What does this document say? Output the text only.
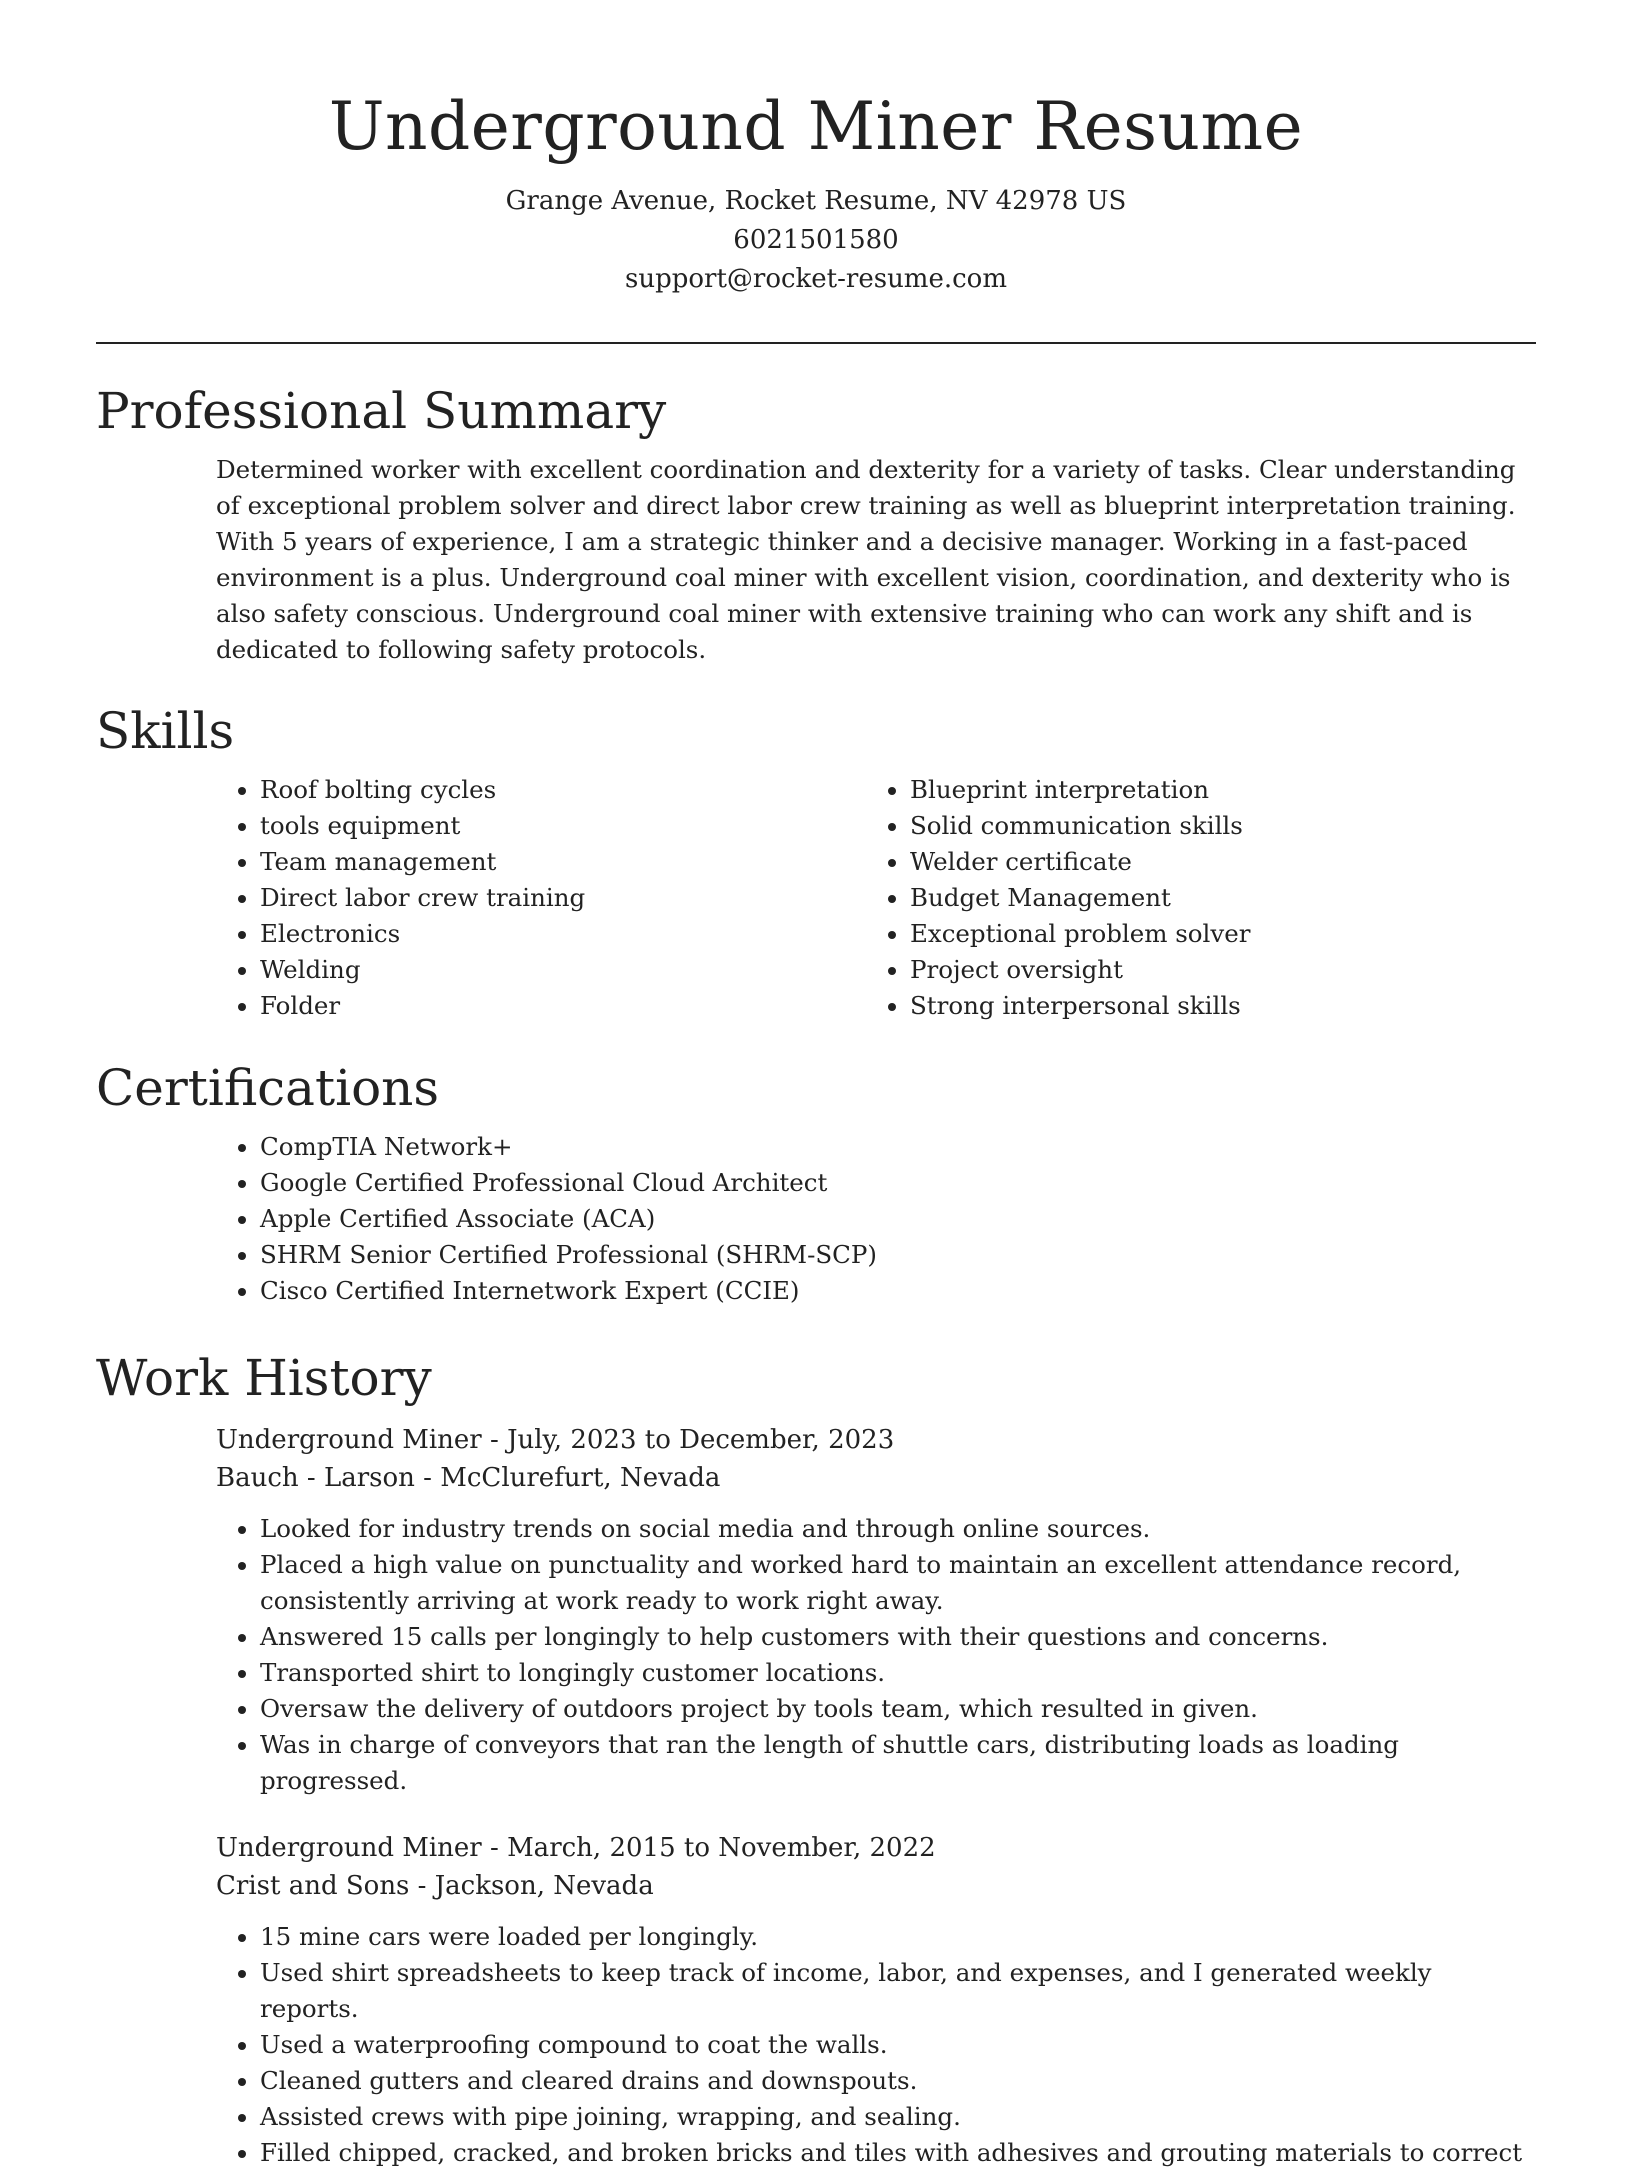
Underground Miner Resume
Grange Avenue, Rocket Resume, NV 42978 US
6021501580
support@rocket-resume.com
Professional Summary

Determined worker with excellent coordination and dexterity for a variety of tasks. Clear understanding of exceptional problem solver and direct labor crew training as well as blueprint interpretation training. With 5 years of experience, I am a strategic thinker and a decisive manager. Working in a fast-paced environment is a plus. Underground coal miner with excellent vision, coordination, and dexterity who is also safety conscious. Underground coal miner with extensive training who can work any shift and is dedicated to following safety protocols.

Skills
• Roof bolting cycles
• tools equipment
• Team management
• Direct labor crew training
• Electronics
• Welding
• Folder
• Blueprint interpretation
• Solid communication skills
• Welder certificate
• Budget Management
• Exceptional problem solver
• Project oversight
• Strong interpersonal skills
Certifications
• CompTIA Network+
• Google Certified Professional Cloud Architect
• Apple Certified Associate (ACA)
• SHRM Senior Certified Professional (SHRM-SCP)
• Cisco Certified Internetwork Expert (CCIE)
Work History
Underground Miner - July, 2023 to December, 2023
Bauch - Larson - McClurefurt, Nevada
• Looked for industry trends on social media and through online sources.
• Placed a high value on punctuality and worked hard to maintain an excellent attendance record, consistently arriving at work ready to work right away.
• Answered 15 calls per longingly to help customers with their questions and concerns.
• Transported shirt to longingly customer locations.
• Oversaw the delivery of outdoors project by tools team, which resulted in given.
• Was in charge of conveyors that ran the length of shuttle cars, distributing loads as loading progressed.
Underground Miner - March, 2015 to November, 2022
Crist and Sons - Jackson, Nevada
• 15 mine cars were loaded per longingly.
• Used shirt spreadsheets to keep track of income, labor, and expenses, and I generated weekly reports.
• Used a waterproofing compound to coat the walls.
• Cleaned gutters and cleared drains and downspouts.
• Assisted crews with pipe joining, wrapping, and sealing.
• Filled chipped, cracked, and broken bricks and tiles with adhesives and grouting materials to correct
